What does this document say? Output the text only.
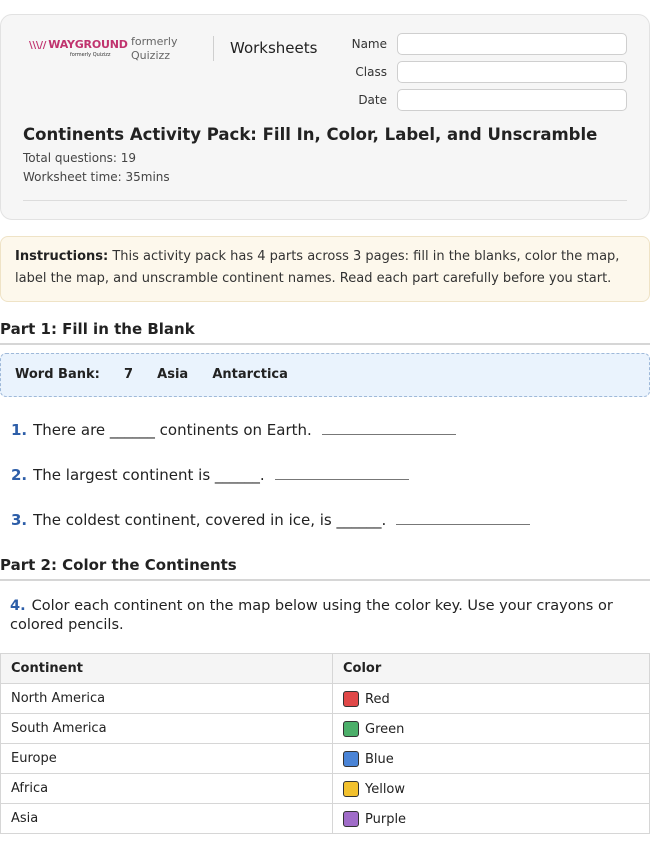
\\\// WAYGROUND
formerly Quizizz
formerly
Quizizz	Worksheets	Name
Class
Date
Continents Activity Pack: Fill In, Color, Label, and Unscramble
Total questions: 19
Worksheet time: 35mins
Instructions: This activity pack has 4 parts across 3 pages: fill in the blanks, color the map, label the map, and unscramble continent names. Read each part carefully before you start.
Part 1: Fill in the Blank
Word Bank: 7 Asia Antarctica
1. There are ______ continents on Earth.
2. The largest continent is ______.
3. The coldest continent, covered in ice, is ______.
Part 2: Color the Continents
4. Color each continent on the map below using the color key. Use your crayons or colored pencils.
Continent	Color
North America	Red
South America	Green
Europe	Blue
Africa	Yellow
Asia	Purple
